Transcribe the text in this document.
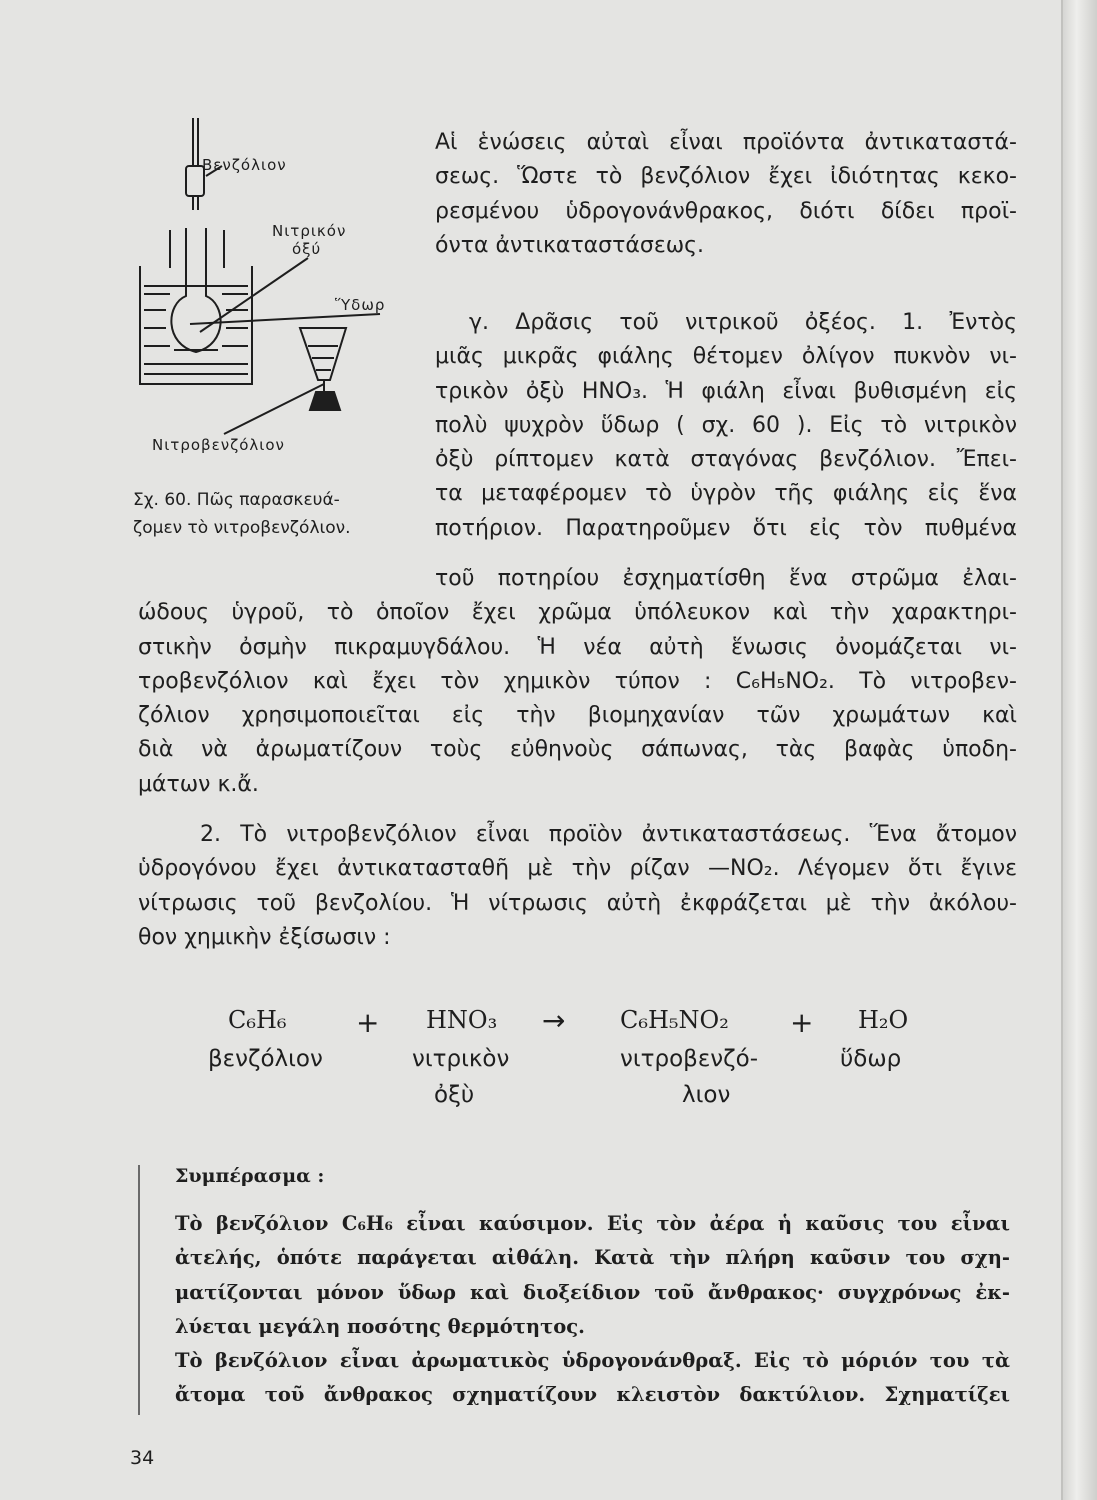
Βενζόλιον
Νιτρικόν
όξύ
Ὕδωρ
Νιτροβενζόλιον
Σχ. 60. Πῶς παρασκευά-
ζομεν τὸ νιτροβενζόλιον.

Αἱ ἑνώσεις αὐταὶ εἶναι προϊόντα ἀντικαταστά-
σεως. Ὥστε τὸ βενζόλιον ἔχει ἰδιότητας κεκο-
ρεσμένου ὑδρογονάνθρακος, διότι δίδει προϊ-
όντα ἀντικαταστάσεως.

γ. Δρᾶσις τοῦ νιτρικοῦ ὀξέος. 1. Ἐντὸς
μιᾶς μικρᾶς φιάλης θέτομεν ὀλίγον πυκνὸν νι-
τρικὸν ὀξὺ HNO₃. Ἡ φιάλη εἶναι βυθισμένη εἰς
πολὺ ψυχρὸν ὕδωρ ( σχ. 60 ). Εἰς τὸ νιτρικὸν
ὀξὺ ρίπτομεν κατὰ σταγόνας βενζόλιον. Ἔπει-
τα μεταφέρομεν τὸ ὑγρὸν τῆς φιάλης εἰς ἕνα
ποτήριον. Παρατηροῦμεν ὅτι εἰς τὸν πυθμένα

τοῦ ποτηρίου ἐσχηματίσθη ἕνα στρῶμα ἐλαι-
ώδους ὑγροῦ, τὸ ὁποῖον ἔχει χρῶμα ὑπόλευκον καὶ τὴν χαρακτηρι-
στικὴν ὀσμὴν πικραμυγδάλου. Ἡ νέα αὐτὴ ἕνωσις ὀνομάζεται νι-
τροβενζόλιον καὶ ἔχει τὸν χημικὸν τύπον : C₆H₅NO₂. Τὸ νιτροβεν-
ζόλιον χρησιμοποιεῖται εἰς τὴν βιομηχανίαν τῶν χρωμάτων καὶ
διὰ νὰ ἀρωματίζουν τοὺς εὐθηνοὺς σάπωνας, τὰς βαφὰς ὑποδη-
μάτων κ.ἄ.

2. Τὸ νιτροβενζόλιον εἶναι προϊὸν ἀντικαταστάσεως. Ἕνα ἄτομον
ὑδρογόνου ἔχει ἀντικατασταθῆ μὲ τὴν ρίζαν —NO₂. Λέγομεν ὅτι ἔγινε
νίτρωσις τοῦ βενζολίου. Ἡ νίτρωσις αὐτὴ ἐκφράζεται μὲ τὴν ἀκόλου-
θον χημικὴν ἐξίσωσιν :

C₆H₆
βενζόλιον
+ HNO₃
νιτρικὸν
ὀξὺ
→ C₆H₅NO₂
νιτροβενζό-
λιον
+ H₂O
ὕδωρ
Συμπέρασμα :

Τὸ βενζόλιον C₆H₆ εἶναι καύσιμον. Εἰς τὸν ἀέρα ἡ καῦσις του εἶναι
ἀτελής, ὁπότε παράγεται αἰθάλη. Κατὰ τὴν πλήρη καῦσιν του σχη-
ματίζονται μόνον ὕδωρ καὶ διοξείδιον τοῦ ἄνθρακος· συγχρόνως ἐκ-
λύεται μεγάλη ποσότης θερμότητος.
Τὸ βενζόλιον εἶναι ἀρωματικὸς ὑδρογονάνθραξ. Εἰς τὸ μόριόν του τὰ
ἄτομα τοῦ ἄνθρακος σχηματίζουν κλειστὸν δακτύλιον. Σχηματίζει

34
